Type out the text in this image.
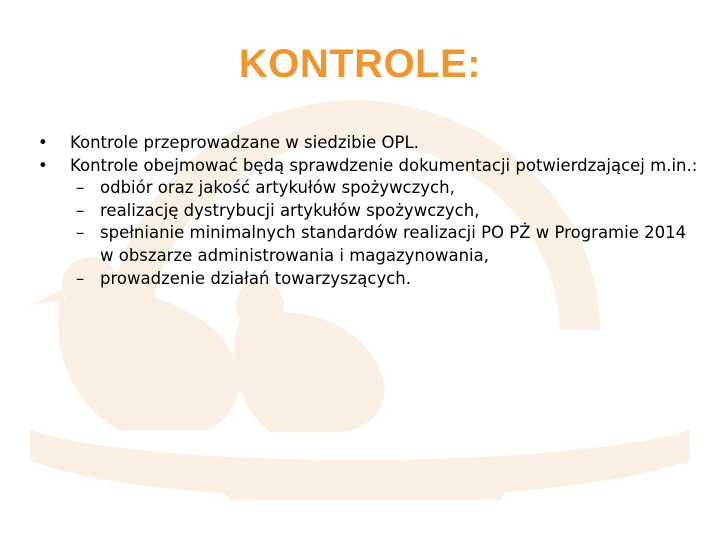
KONTROLE:
•	Kontrole przeprowadzane w siedzibie OPL.
•	Kontrole obejmować będą sprawdzenie dokumentacji potwierdzającej m.in.:
– odbiór oraz jakość artykułów spożywczych,
– realizację dystrybucji artykułów spożywczych,
– spełnianie minimalnych standardów realizacji PO PŻ w Programie 2014 w obszarze administrowania i magazynowania,
– prowadzenie działań towarzyszących.
